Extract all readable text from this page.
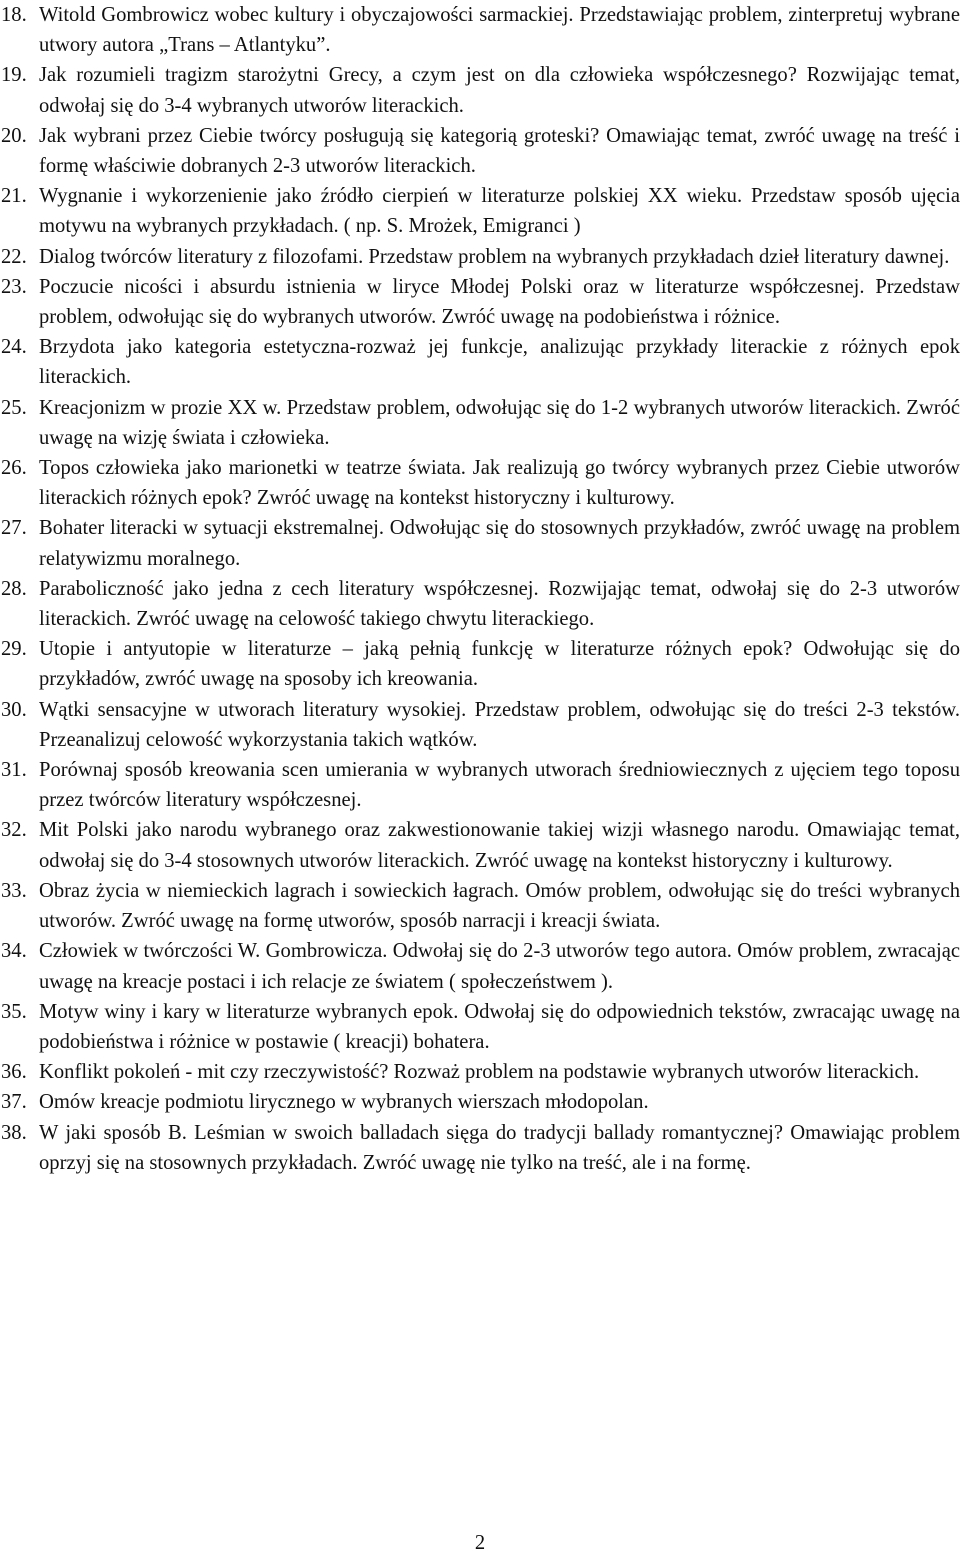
18. Witold Gombrowicz wobec kultury i obyczajowości sarmackiej. Przedstawiając problem, zinterpretuj wybrane utwory autora „Trans – Atlantyku”.
19. Jak rozumieli tragizm starożytni Grecy, a czym jest on dla człowieka współczesnego? Rozwijając temat, odwołaj się do 3-4 wybranych utworów literackich.
20. Jak wybrani przez Ciebie twórcy posługują się kategorią groteski? Omawiając temat, zwróć uwagę na treść i formę właściwie dobranych 2-3 utworów literackich.
21. Wygnanie i wykorzenienie jako źródło cierpień w literaturze polskiej XX wieku. Przedstaw sposób ujęcia motywu na wybranych przykładach. ( np. S. Mrożek, Emigranci )
22. Dialog twórców literatury z filozofami. Przedstaw problem na wybranych przykładach dzieł literatury dawnej.
23. Poczucie nicości i absurdu istnienia w liryce Młodej Polski oraz w literaturze współczesnej. Przedstaw problem, odwołując się do wybranych utworów. Zwróć uwagę na podobieństwa i różnice.
24. Brzydota jako kategoria estetyczna-rozważ jej funkcje, analizując przykłady literackie z różnych epok literackich.
25. Kreacjonizm w prozie XX w. Przedstaw problem, odwołując się do 1-2 wybranych utworów literackich. Zwróć uwagę na wizję świata i człowieka.
26. Topos człowieka jako marionetki w teatrze świata. Jak realizują go twórcy wybranych przez Ciebie utworów literackich różnych epok? Zwróć uwagę na kontekst historyczny i kulturowy.
27. Bohater literacki w sytuacji ekstremalnej. Odwołując się do stosownych przykładów, zwróć uwagę na problem relatywizmu moralnego.
28. Paraboliczność jako jedna z cech literatury współczesnej. Rozwijając temat, odwołaj się do 2-3 utworów literackich. Zwróć uwagę na celowość takiego chwytu literackiego.
29. Utopie i antyutopie w literaturze – jaką pełnią funkcję w literaturze różnych epok? Odwołując się do przykładów, zwróć uwagę na sposoby ich kreowania.
30. Wątki sensacyjne w utworach literatury wysokiej. Przedstaw problem, odwołując się do treści 2-3 tekstów. Przeanalizuj celowość wykorzystania takich wątków.
31. Porównaj sposób kreowania scen umierania w wybranych utworach średniowiecznych z ujęciem tego toposu przez twórców literatury współczesnej.
32. Mit Polski jako narodu wybranego oraz zakwestionowanie takiej wizji własnego narodu. Omawiając temat, odwołaj się do 3-4 stosownych utworów literackich. Zwróć uwagę na kontekst historyczny i kulturowy.
33. Obraz życia w niemieckich lagrach i sowieckich łagrach. Omów problem, odwołując się do treści wybranych utworów. Zwróć uwagę na formę utworów, sposób narracji i kreacji świata.
34. Człowiek w twórczości W. Gombrowicza. Odwołaj się do 2-3 utworów tego autora. Omów problem, zwracając uwagę na kreacje postaci i ich relacje ze światem ( społeczeństwem ).
35. Motyw winy i kary w literaturze wybranych epok. Odwołaj się do odpowiednich tekstów, zwracając uwagę na podobieństwa i różnice w postawie ( kreacji) bohatera.
36. Konflikt pokoleń - mit czy rzeczywistość? Rozważ problem na podstawie wybranych utworów literackich.
37. Omów kreacje podmiotu lirycznego w wybranych wierszach młodopolan.
38. W jaki sposób B. Leśmian w swoich balladach sięga do tradycji ballady romantycznej? Omawiając problem oprzyj się na stosownych przykładach. Zwróć uwagę nie tylko na treść, ale i na formę.
2
